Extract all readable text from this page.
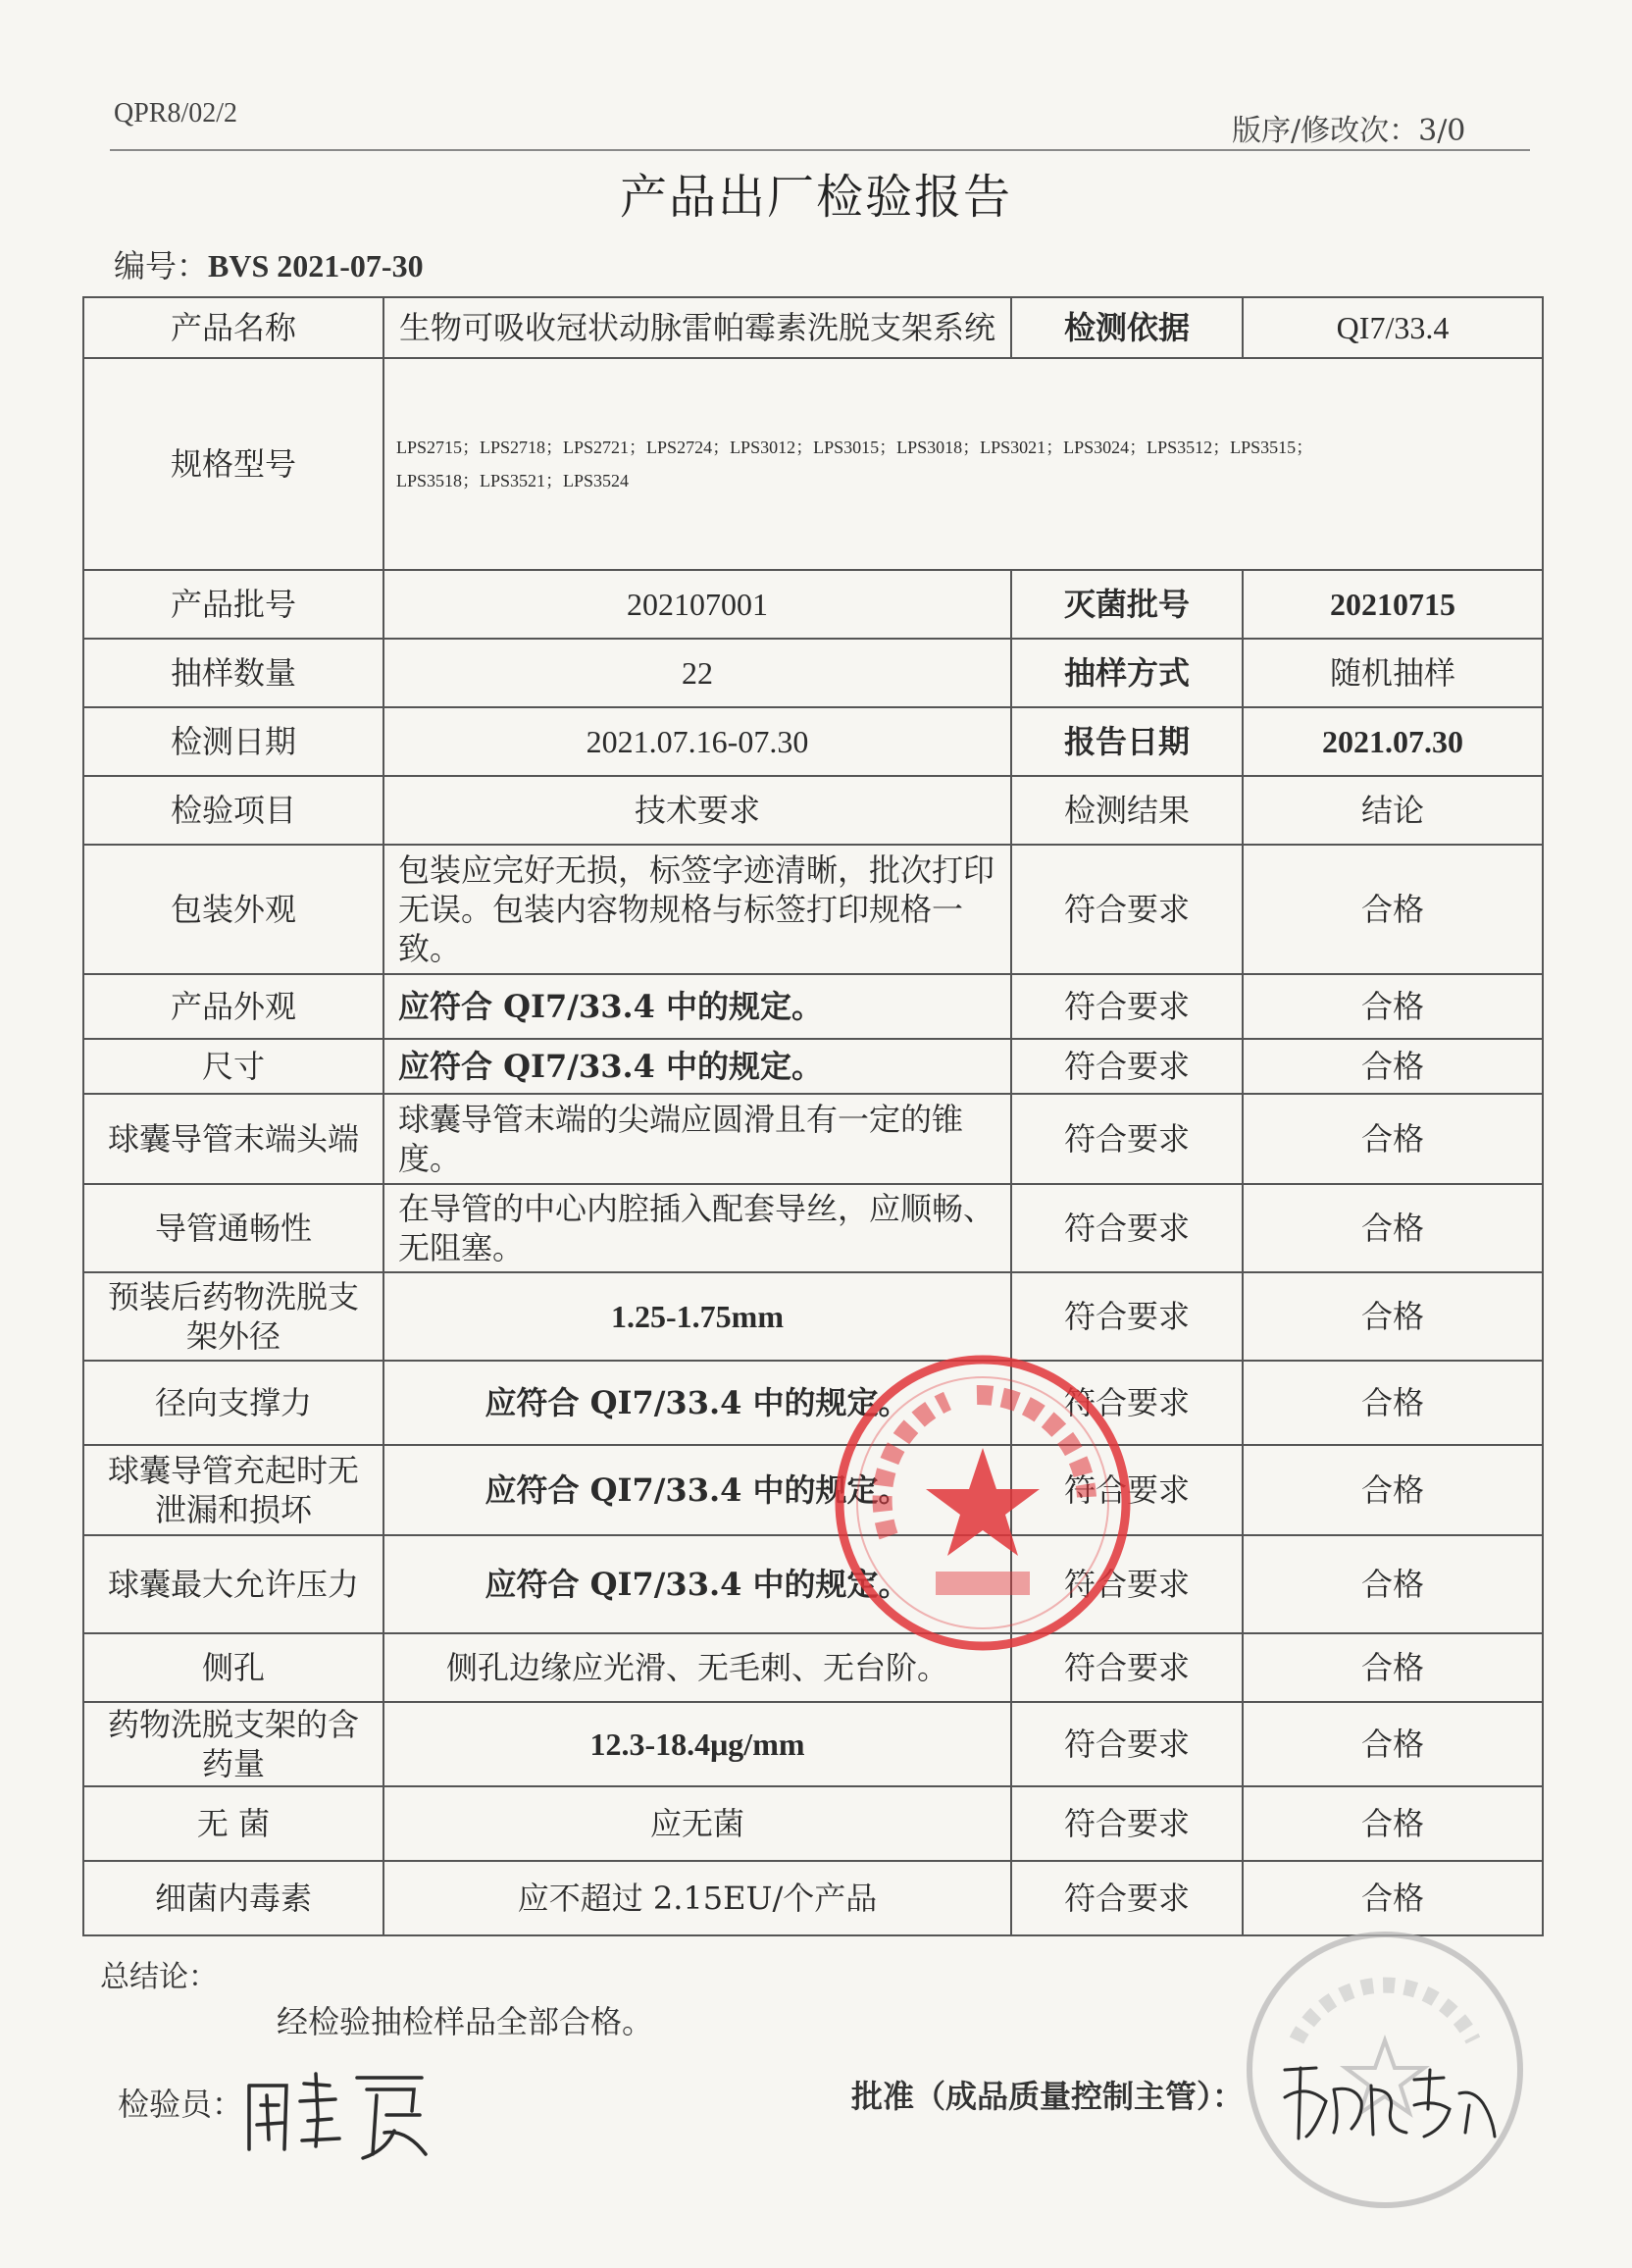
QPR8/02/2
版序/修改次：3/0
产品出厂检验报告
编号：BVS 2021-07-30
产品名称	生物可吸收冠状动脉雷帕霉素洗脱支架系统	检测依据	QI7/33.4
规格型号	LPS2715；LPS2718；LPS2721；LPS2724；LPS3012；LPS3015；LPS3018；LPS3021；LPS3024；LPS3512；LPS3515；
LPS3518；LPS3521；LPS3524		

产品批号	202107001	灭菌批号	20210715
抽样数量	22	抽样方式	随机抽样
检测日期	2021.07.16-07.30	报告日期	2021.07.30
检验项目	技术要求	检测结果	结论
包装外观	包装应完好无损，标签字迹清晰，批次打印无误。包装内容物规格与标签打印规格一致。	符合要求	合格
产品外观	应符合 QI7/33.4 中的规定。	符合要求	合格
尺寸	应符合 QI7/33.4 中的规定。	符合要求	合格
球囊导管末端头端	球囊导管末端的尖端应圆滑且有一定的锥度。	符合要求	合格
导管通畅性	在导管的中心内腔插入配套导丝，应顺畅、无阻塞。	符合要求	合格
预装后药物洗脱支架外径	1.25-1.75mm	符合要求	合格
径向支撑力	应符合 QI7/33.4 中的规定。	符合要求	合格
球囊导管充起时无泄漏和损坏	应符合 QI7/33.4 中的规定。	符合要求	合格
球囊最大允许压力	应符合 QI7/33.4 中的规定。	符合要求	合格
侧孔	侧孔边缘应光滑、无毛刺、无台阶。	符合要求	合格
药物洗脱支架的含药量	12.3-18.4μg/mm	符合要求	合格
无 菌	应无菌	符合要求	合格
细菌内毒素	应不超过 2.15EU/个产品	符合要求	合格
总结论：
经检验抽检样品全部合格。
检验员：	批准（成品质量控制主管）：
